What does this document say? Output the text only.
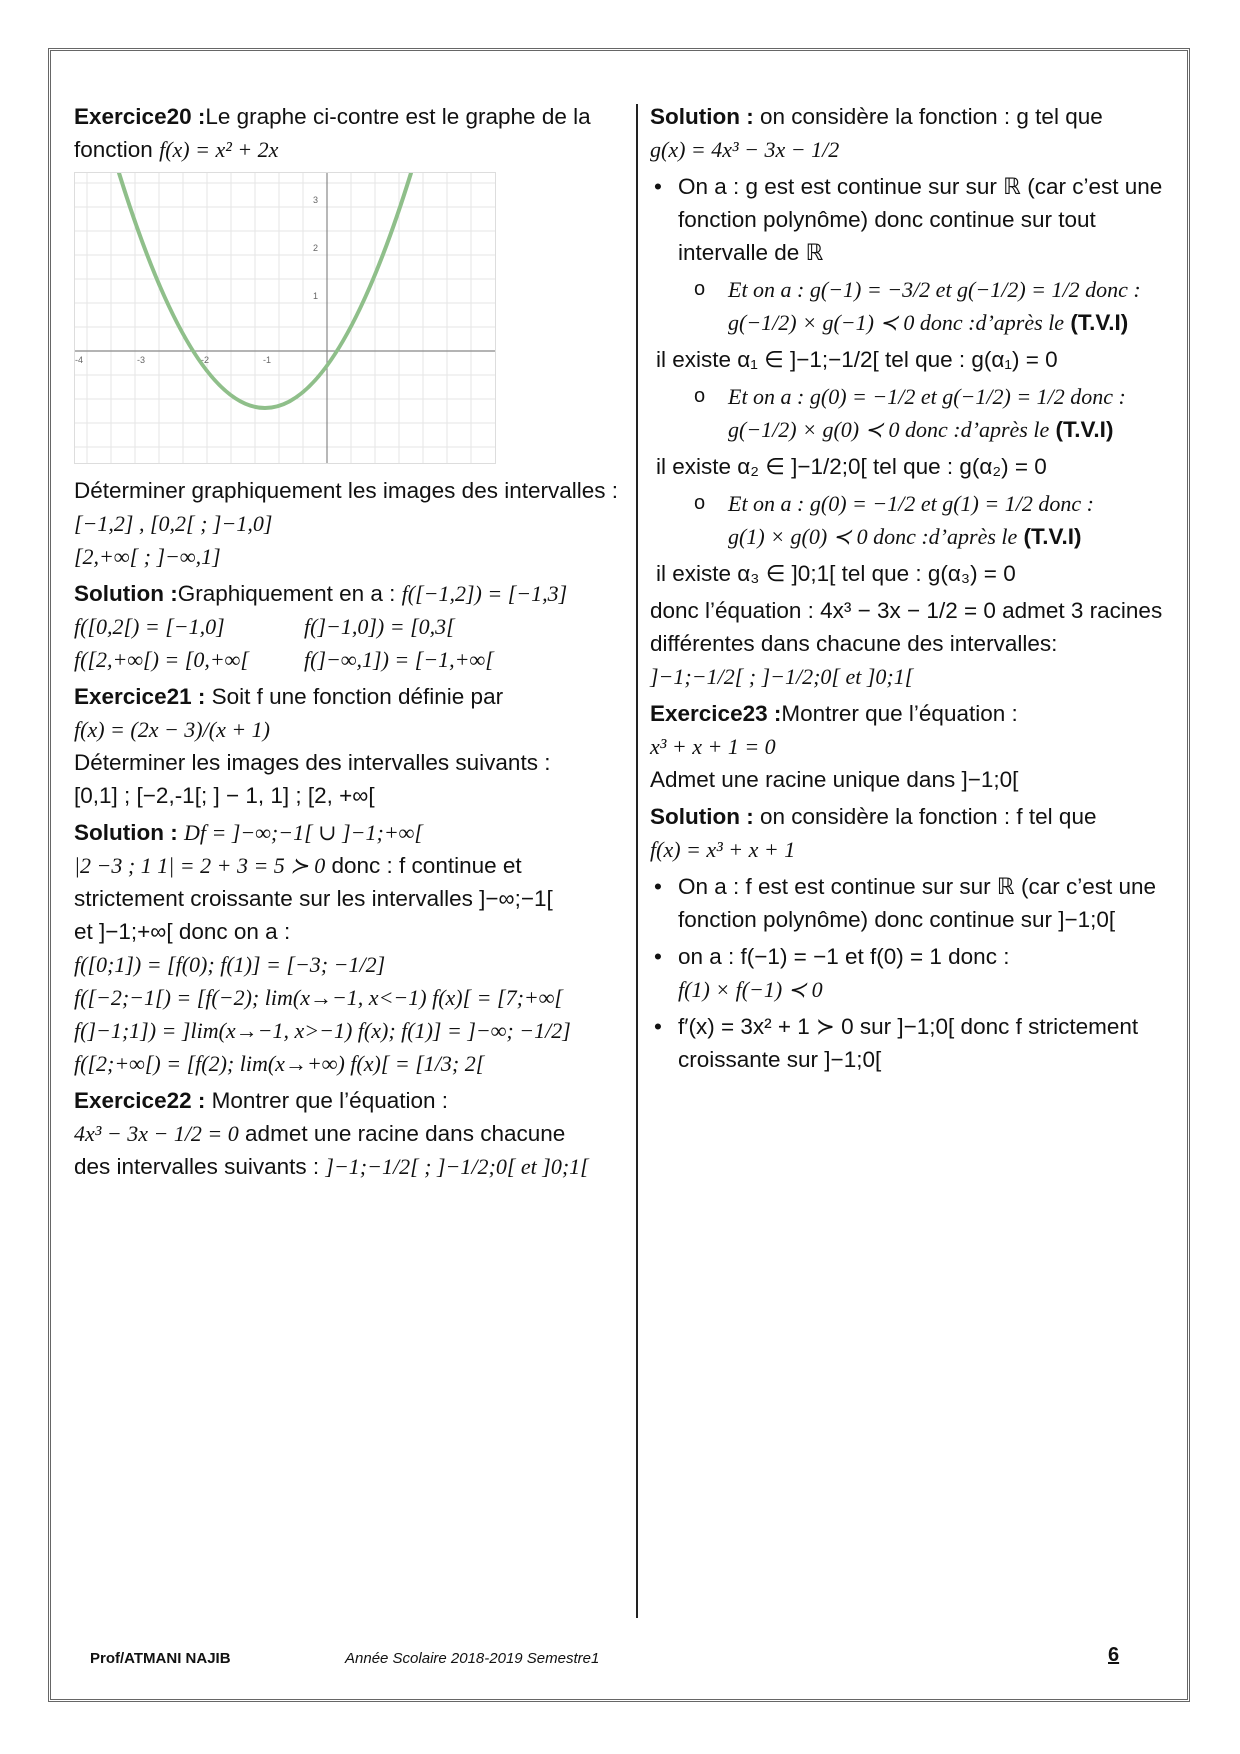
Exercice20 :Le graphe ci-contre est le graphe de la fonction f(x) = x² + 2x
-4	-3	-2	-1
3
2
1
Déterminer graphiquement les images des intervalles : [−1,2] , [0,2[ ; ]−1,0]
[2,+∞[ ; ]−∞,1]
Solution :Graphiquement en a : f([−1,2]) = [−1,3]
f([0,2[) = [−1,0]	f(]−1,0]) = [0,3[
f([2,+∞[) = [0,+∞[	f(]−∞,1]) = [−1,+∞[
Exercice21 : Soit f une fonction définie par
f(x) = (2x − 3)/(x + 1)
Déterminer les images des intervalles suivants :
[0,1] ; [−2,-1[; ] − 1, 1] ; [2, +∞[
Solution : Df = ]−∞;−1[ ∪ ]−1;+∞[
|2 −3 ; 1 1| = 2 + 3 = 5 ≻ 0 donc : f continue et
strictement croissante sur les intervalles ]−∞;−1[
et ]−1;+∞[ donc on a :
f([0;1]) = [f(0); f(1)] = [−3; −1/2]
f([−2;−1[) = [f(−2); lim(x→−1, x<−1) f(x)[ = [7;+∞[
f(]−1;1]) = ]lim(x→−1, x>−1) f(x); f(1)] = ]−∞; −1/2]
f([2;+∞[) = [f(2); lim(x→+∞) f(x)[ = [1/3; 2[
Exercice22 : Montrer que l’équation :
4x³ − 3x − 1/2 = 0 admet une racine dans chacune
des intervalles suivants : ]−1;−1/2[ ; ]−1/2;0[ et ]0;1[
Solution : on considère la fonction : g tel que
g(x) = 4x³ − 3x − 1/2
• On a : g est est continue sur sur ℝ (car c’est une fonction polynôme) donc continue sur tout intervalle de ℝ
o Et on a : g(−1) = −3/2 et g(−1/2) = 1/2 donc :
g(−1/2) × g(−1) ≺ 0 donc :d’après le (T.V.I)
il existe α₁ ∈ ]−1;−1/2[ tel que : g(α₁) = 0
o Et on a : g(0) = −1/2 et g(−1/2) = 1/2 donc :
g(−1/2) × g(0) ≺ 0 donc :d’après le (T.V.I)
il existe α₂ ∈ ]−1/2;0[ tel que : g(α₂) = 0
o Et on a : g(0) = −1/2 et g(1) = 1/2 donc :
g(1) × g(0) ≺ 0 donc :d’après le (T.V.I)
il existe α₃ ∈ ]0;1[ tel que : g(α₃) = 0
donc l’équation : 4x³ − 3x − 1/2 = 0 admet 3 racines différentes dans chacune des intervalles:
]−1;−1/2[ ; ]−1/2;0[ et ]0;1[
Exercice23 :Montrer que l’équation :
x³ + x + 1 = 0
Admet une racine unique dans ]−1;0[
Solution : on considère la fonction : f tel que
f(x) = x³ + x + 1
• On a : f est est continue sur sur ℝ (car c’est une fonction polynôme) donc continue sur ]−1;0[
• on a : f(−1) = −1 et f(0) = 1 donc :
f(1) × f(−1) ≺ 0
• f′(x) = 3x² + 1 ≻ 0 sur ]−1;0[ donc f strictement croissante sur ]−1;0[
Prof/ATMANI NAJIB	Année Scolaire 2018-2019 Semestre1	6
